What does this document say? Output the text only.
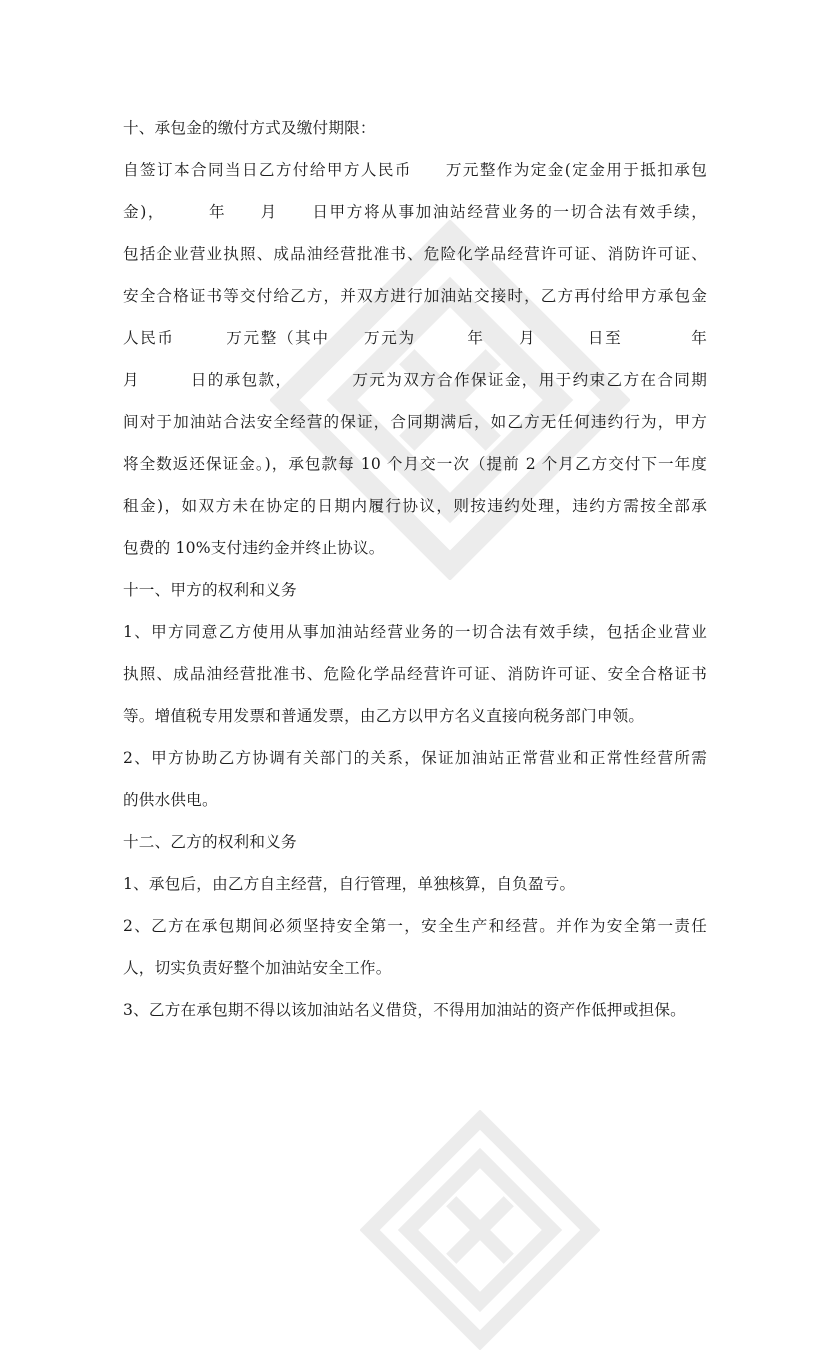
十、承包金的缴付方式及缴付期限：
自签订本合同当日乙方付给甲方人民币　　万元整作为定金(定金用于抵扣承包
金)，　　　年　　月　　日甲方将从事加油站经营业务的一切合法有效手续，
包括企业营业执照、成品油经营批准书、危险化学品经营许可证、消防许可证、
安全合格证书等交付给乙方，并双方进行加油站交接时，乙方再付给甲方承包金
人民币　　　万元整（其中　　万元为　　　年　　月　　　日至　　　　年
月　　　日的承包款，　　　　万元为双方合作保证金，用于约束乙方在合同期
间对于加油站合法安全经营的保证，合同期满后，如乙方无任何违约行为，甲方
将全数返还保证金。)，承包款每 10 个月交一次（提前 2 个月乙方交付下一年度
租金)，如双方未在协定的日期内履行协议，则按违约处理，违约方需按全部承
包费的 10%支付违约金并终止协议。
十一、甲方的权利和义务
1、甲方同意乙方使用从事加油站经营业务的一切合法有效手续，包括企业营业
执照、成品油经营批准书、危险化学品经营许可证、消防许可证、安全合格证书
等。增值税专用发票和普通发票，由乙方以甲方名义直接向税务部门申领。
2、甲方协助乙方协调有关部门的关系，保证加油站正常营业和正常性经营所需
的供水供电。
十二、乙方的权利和义务
1、承包后，由乙方自主经营，自行管理，单独核算，自负盈亏。
2、乙方在承包期间必须坚持安全第一，安全生产和经营。并作为安全第一责任
人，切实负责好整个加油站安全工作。
3、乙方在承包期不得以该加油站名义借贷，不得用加油站的资产作低押或担保。
